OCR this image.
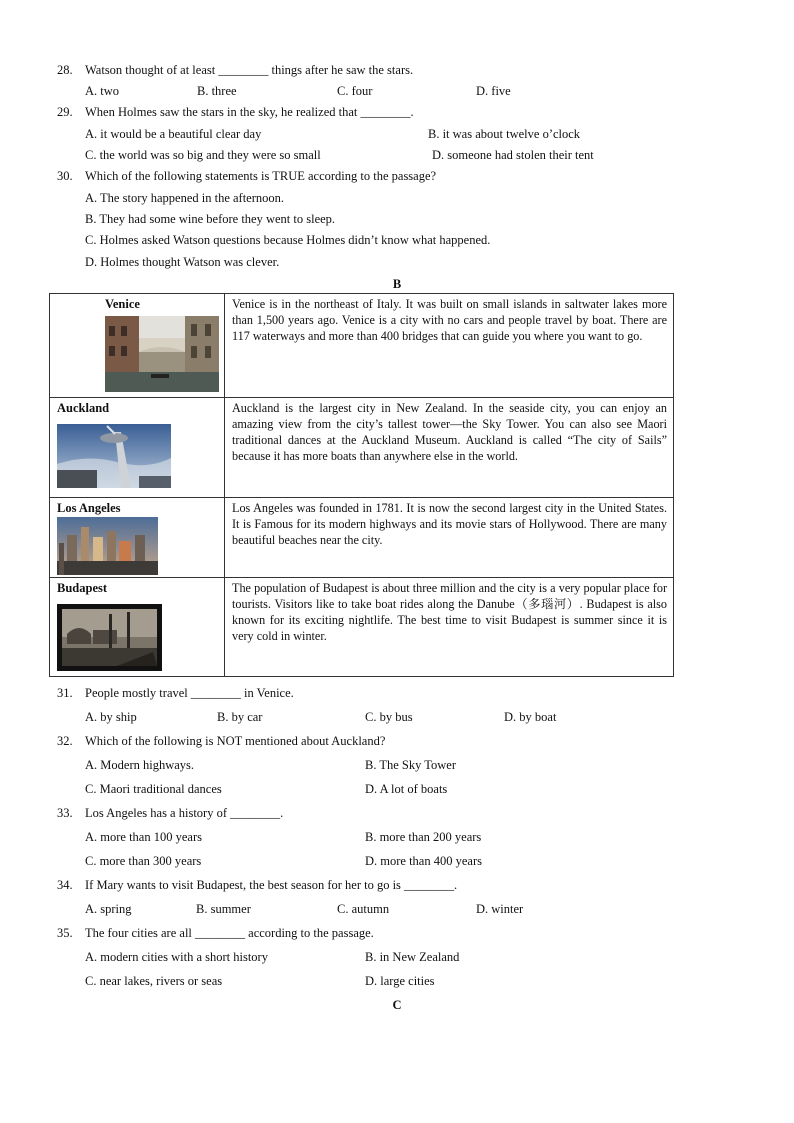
28. Watson thought of at least ________ things after he saw the stars.
A. two	B. three	C. four	D. five
29. When Holmes saw the stars in the sky, he realized that ________.
A. it would be a beautiful clear day	B. it was about twelve o’clock
C. the world was so big and they were so small	D. someone had stolen their tent
30. Which of the following statements is TRUE according to the passage?
A. The story happened in the afternoon.
B. They had some wine before they went to sleep.
C. Holmes asked Watson questions because Holmes didn’t know what happened.
D. Holmes thought Watson was clever.
B
Venice	Venice is in the northeast of Italy. It was built on small islands in saltwater lakes more than 1,500 years ago. Venice is a city with no cars and people travel by boat. There are 117 waterways and more than 400 bridges that can guide you where you want to go.

Auckland	Auckland is the largest city in New Zealand. In the seaside city, you can enjoy an amazing view from the city’s tallest tower—the Sky Tower. You can also see Maori traditional dances at the Auckland Museum. Auckland is called “The city of Sails” because it has more boats than anywhere else in the world.

Los Angeles	Los Angeles was founded in 1781. It is now the second largest city in the United States. It is Famous for its modern highways and its movie stars of Hollywood. There are many beautiful beaches near the city.

Budapest	The population of Budapest is about three million and the city is a very popular place for tourists. Visitors like to take boat rides along the Danube（多瑙河）. Budapest is also known for its exciting nightlife. The best time to visit Budapest is summer since it is very cold in winter.
31. People mostly travel ________ in Venice.
A. by ship	B. by car	C. by bus	D. by boat
32. Which of the following is NOT mentioned about Auckland?
A. Modern highways.	B. The Sky Tower
C. Maori traditional dances	D. A lot of boats
33. Los Angeles has a history of ________.
A. more than 100 years	B. more than 200 years
C. more than 300 years	D. more than 400 years
34. If Mary wants to visit Budapest, the best season for her to go is ________.
A. spring	B. summer	C. autumn	D. winter
35. The four cities are all ________ according to the passage.
A. modern cities with a short history	B. in New Zealand
C. near lakes, rivers or seas	D. large cities
C
